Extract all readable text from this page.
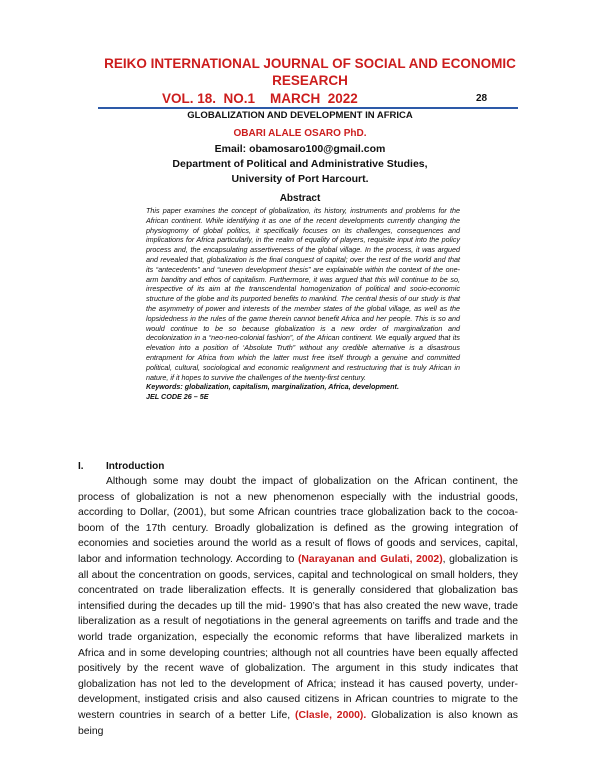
REIKO INTERNATIONAL JOURNAL OF SOCIAL AND ECONOMIC
RESEARCH
VOL. 18.  NO.1    MARCH  2022	28
GLOBALIZATION AND DEVELOPMENT IN AFRICA
OBARI ALALE OSARO PhD.
Email: obamosaro100@gmail.com
Department of Political and Administrative Studies,
University of Port Harcourt.
Abstract

This paper examines the concept of globalization, its history, instruments and problems for the African continent. While identifying it as one of the recent developments currently changing the physiognomy of global politics, it specifically focuses on its challenges, consequences and implications for Africa particularly, in the realm of equality of players, requisite input into the policy process and, the encapsulating assertiveness of the global village. In the process, it was argued and revealed that, globalization is the final conquest of capital; over the rest of the world and that its “antecedents” and “uneven development thesis” are explainable within the context of the one-arm banditry and ethos of capitalism. Furthermore, it was argued that this will continue to be so, irrespective of its aim at the transcendental homogenization of political and socio-economic structure of the globe and its purported benefits to mankind. The central thesis of our study is that the asymmetry of power and interests of the member states of the global village, as well as the lopsidedness in the rules of the game therein cannot benefit Africa and her people. This is so and would continue to be so because globalization is a new order of marginalization and decolonization in a “neo-neo-colonial fashion”, of the African continent. We equally argued that its elevation into a position of ‘Absolute Truth” without any credible alternative is a disastrous entrapment for Africa from which the latter must free itself through a genuine and committed political, cultural, sociological and economic realignment and restructuring that is truly African in nature, if it hopes to survive the challenges of the twenty-first century.

Keywords: globalization, capitalism, marginalization, Africa, development.

JEL CODE 26 – 5E

I. Introduction

Although some may doubt the impact of globalization on the African continent, the process of globalization is not a new phenomenon especially with the industrial goods, according to Dollar, (2001), but some African countries trace globalization back to the cocoa-boom of the 17th century. Broadly globalization is defined as the growing integration of economies and societies around the world as a result of flows of goods and services, capital, labor and information technology. According to (Narayanan and Gulati, 2002), globalization is all about the concentration on goods, services, capital and technological on small holders, they concentrated on trade liberalization effects. It is generally considered that globalization bas intensified during the decades up till the mid- 1990’s that has also created the new wave, trade liberalization as a result of negotiations in the general agreements on tariffs and trade and the world trade organization, especially the economic reforms that have liberalized markets in Africa and in some developing countries; although not all countries have been equally affected positively by the recent wave of globalization. The argument in this study indicates that globalization has not led to the development of Africa; instead it has caused poverty, under-development, instigated crisis and also caused citizens in African countries to migrate to the western countries in search of a better Life, (Clasle, 2000). Globalization is also known as being
